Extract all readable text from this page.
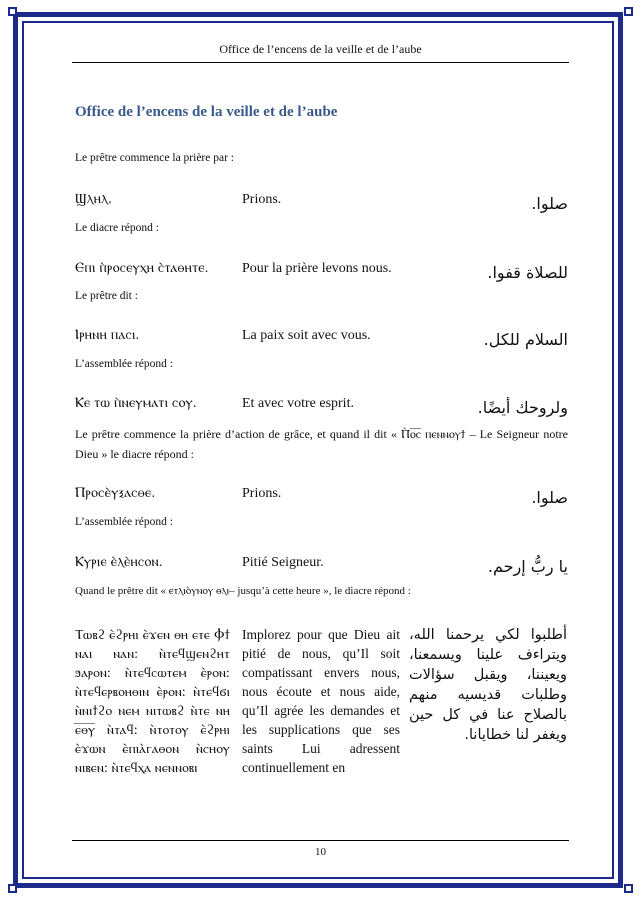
Office de l’encens de la veille et de l’aube
Office de l’encens de la veille et de l’aube
Le prêtre commence la prière par :
Ϣⲗⲏⲗ.	Prions.	صلوا.
Le diacre répond :
Ⲉⲡⲓ ⲡ̀ⲣⲟⲥⲉⲩⲭⲏ ⲥ̀ⲧⲁⲑⲏⲧⲉ. Pour la prière levons nous.	للصلاة قفوا.
Le prêtre dit :
Ⲓⲣⲏⲛⲏ ⲡⲁⲥⲓ.	La paix soit avec vous.	السلام للكل.
L’assemblée répond :
Ⲕⲉ ⲧⲱ ⲡ̀ⲛⲉⲩⲙⲁⲧⲓ ⲥⲟⲩ.	Et avec votre esprit.	ولروحك أيضًا.
Le prêtre commence la prière d’action de grâce, et quand il dit « Ⲡ̀ⲟ̅ⲥ̅ ⲡⲉⲛⲛⲟⲩϯ – Le Seigneur notre Dieu » le diacre répond :
Ⲡⲣⲟⲥⲉ̀ⲩⲝⲁⲥⲑⲉ.	Prions.	صلوا.
L’assemblée répond :
Ⲕⲩⲣⲓⲉ ⲉ̀ⲗⲉ̀ⲏⲥⲟⲛ.	Pitié Seigneur.	يا ربُّ إرحم.
Quand le prêtre dit « ⲉⲧⲗⲓⲟ̀ⲩⲛⲟⲩ ⲑⲗⲓ– jusqu’à cette heure », le diacre répond :
Ⲧⲱⲃϩ ⲉ̀ϩⲣⲏⲓ ⲉ̀ϫⲉⲛ ⲑⲏ ⲉⲧⲉ Ⲫϯ ⲛⲁⲓ ⲛⲁⲛ: ⲛ̀ⲧⲉϥϣⲉⲛϩⲏⲧ ϧⲁⲣⲟⲛ: ⲛ̀ⲧⲉϥⲥⲱⲧⲉⲙ ⲉ̀ⲣⲟⲛ: ⲛ̀ⲧⲉϥⲉⲣⲃⲟⲏⲑⲓⲛ ⲉ̀ⲣⲟⲛ: ⲛ̀ⲧⲉϥϭⲓ ⲛ̀ⲛⲓϯϩⲟ ⲛⲉⲙ ⲛⲓⲧⲱⲃϩ ⲛ̀ⲧⲉ ⲛⲏ ⲉ̅ⲑ̅ⲩ̅ ⲛ̀ⲧⲁϥ: ⲛ̀ⲧⲟⲧⲟⲩ ⲉ̀ϩⲣⲏⲓ ⲉ̀ϫⲱⲛ ⲉ̀ⲡⲓⲁ̀ⲅⲁⲑⲟⲛ ⲛ̀ⲥⲏⲟⲩ ⲛⲓⲃⲉⲛ: ⲛ̀ⲧⲉϥⲭⲁ ⲛⲉⲛⲛⲟⲃⲓ
Implorez pour que Dieu ait pitié de nous, qu’Il soit compatissant envers nous, nous écoute et nous aide, qu’Il agrée les demandes et les supplications que ses saints Lui adressent continuellement en
أطلبوا لكي يرحمنا الله، ويتراءف علينا ويسمعنا، ويعيننا، ويقبل سؤالات وطلبات قديسيه منهم بالصلاح عنا في كل حين ويغفر لنا خطايانا.
10
